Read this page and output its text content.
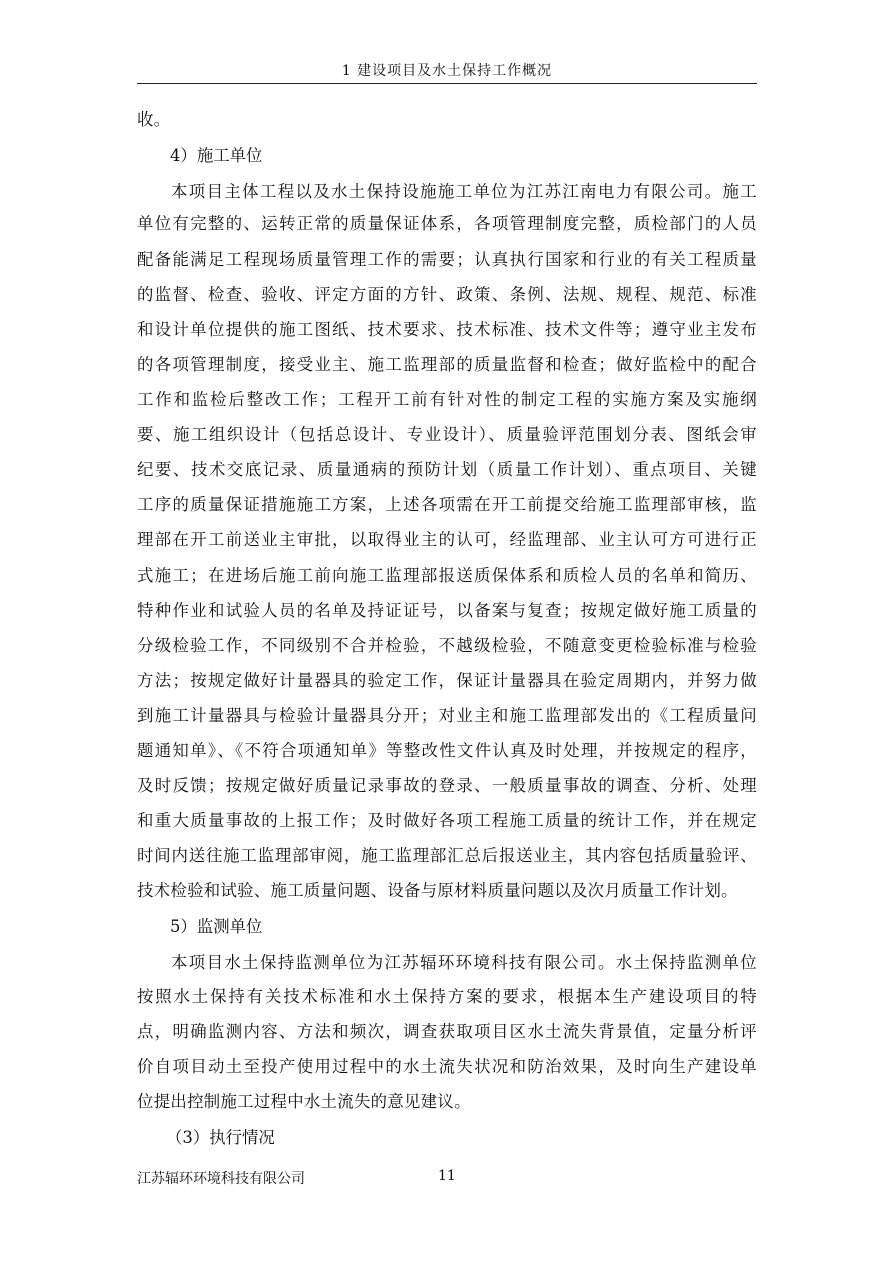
1 建设项目及水土保持工作概况
收。
4）施工单位
本项目主体工程以及水土保持设施施工单位为江苏江南电力有限公司。施工
单位有完整的、运转正常的质量保证体系，各项管理制度完整，质检部门的人员
配备能满足工程现场质量管理工作的需要；认真执行国家和行业的有关工程质量
的监督、检查、验收、评定方面的方针、政策、条例、法规、规程、规范、标准
和设计单位提供的施工图纸、技术要求、技术标准、技术文件等；遵守业主发布
的各项管理制度，接受业主、施工监理部的质量监督和检查；做好监检中的配合
工作和监检后整改工作；工程开工前有针对性的制定工程的实施方案及实施纲
要、施工组织设计（包括总设计、专业设计）、质量验评范围划分表、图纸会审
纪要、技术交底记录、质量通病的预防计划（质量工作计划）、重点项目、关键
工序的质量保证措施施工方案，上述各项需在开工前提交给施工监理部审核，监
理部在开工前送业主审批，以取得业主的认可，经监理部、业主认可方可进行正
式施工；在进场后施工前向施工监理部报送质保体系和质检人员的名单和简历、
特种作业和试验人员的名单及持证证号，以备案与复查；按规定做好施工质量的
分级检验工作，不同级别不合并检验，不越级检验，不随意变更检验标准与检验
方法；按规定做好计量器具的验定工作，保证计量器具在验定周期内，并努力做
到施工计量器具与检验计量器具分开；对业主和施工监理部发出的《工程质量问
题通知单》、《不符合项通知单》等整改性文件认真及时处理，并按规定的程序，
及时反馈；按规定做好质量记录事故的登录、一般质量事故的调查、分析、处理
和重大质量事故的上报工作；及时做好各项工程施工质量的统计工作，并在规定
时间内送往施工监理部审阅，施工监理部汇总后报送业主，其内容包括质量验评、
技术检验和试验、施工质量问题、设备与原材料质量问题以及次月质量工作计划。
5）监测单位
本项目水土保持监测单位为江苏辐环环境科技有限公司。水土保持监测单位
按照水土保持有关技术标准和水土保持方案的要求，根据本生产建设项目的特
点，明确监测内容、方法和频次，调查获取项目区水土流失背景值，定量分析评
价自项目动土至投产使用过程中的水土流失状况和防治效果，及时向生产建设单
位提出控制施工过程中水土流失的意见建议。
（3）执行情况
江苏辐环环境科技有限公司	11
